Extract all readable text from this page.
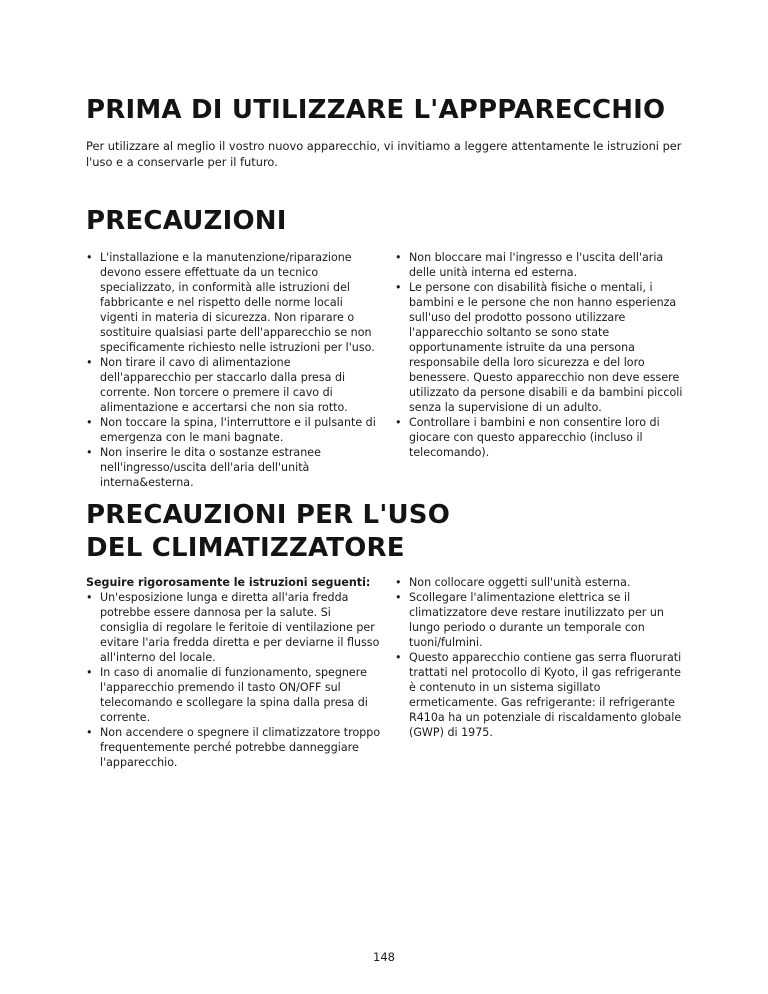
PRIMA DI UTILIZZARE L'APPPARECCHIO

Per utilizzare al meglio il vostro nuovo apparecchio, vi invitiamo a leggere attentamente le istruzioni per l'uso e a conservarle per il futuro.

PRECAUZIONI
• L'installazione e la manutenzione/riparazione devono essere effettuate da un tecnico specializzato, in conformità alle istruzioni del fabbricante e nel rispetto delle norme locali vigenti in materia di sicurezza. Non riparare o sostituire qualsiasi parte dell'apparecchio se non specificamente richiesto nelle istruzioni per l'uso.
• Non tirare il cavo di alimentazione dell'apparecchio per staccarlo dalla presa di corrente. Non torcere o premere il cavo di alimentazione e accertarsi che non sia rotto.
• Non toccare la spina, l'interruttore e il pulsante di emergenza con le mani bagnate.
• Non inserire le dita o sostanze estranee nell'ingresso/uscita dell'aria dell'unità interna&esterna.
• Non bloccare mai l'ingresso e l'uscita dell'aria delle unità interna ed esterna.
• Le persone con disabilità fisiche o mentali, i bambini e le persone che non hanno esperienza sull'uso del prodotto possono utilizzare l'apparecchio soltanto se sono state opportunamente istruite da una persona responsabile della loro sicurezza e del loro benessere. Questo apparecchio non deve essere utilizzato da persone disabili e da bambini piccoli senza la supervisione di un adulto.
• Controllare i bambini e non consentire loro di giocare con questo apparecchio (incluso il telecomando).
PRECAUZIONI PER L'USO
DEL CLIMATIZZATORE

Seguire rigorosamente le istruzioni seguenti:

• Un'esposizione lunga e diretta all'aria fredda potrebbe essere dannosa per la salute. Si consiglia di regolare le feritoie di ventilazione per evitare l'aria fredda diretta e per deviarne il flusso all'interno del locale.
• In caso di anomalie di funzionamento, spegnere l'apparecchio premendo il tasto ON/OFF sul telecomando e scollegare la spina dalla presa di corrente.
• Non accendere o spegnere il climatizzatore troppo frequentemente perché potrebbe danneggiare l'apparecchio.
• Non collocare oggetti sull'unità esterna.
• Scollegare l'alimentazione elettrica se il climatizzatore deve restare inutilizzato per un lungo periodo o durante un temporale con tuoni/fulmini.
• Questo apparecchio contiene gas serra fluorurati trattati nel protocollo di Kyoto, il gas refrigerante è contenuto in un sistema sigillato ermeticamente. Gas refrigerante: il refrigerante R410a ha un potenziale di riscaldamento globale (GWP) di 1975.
148
